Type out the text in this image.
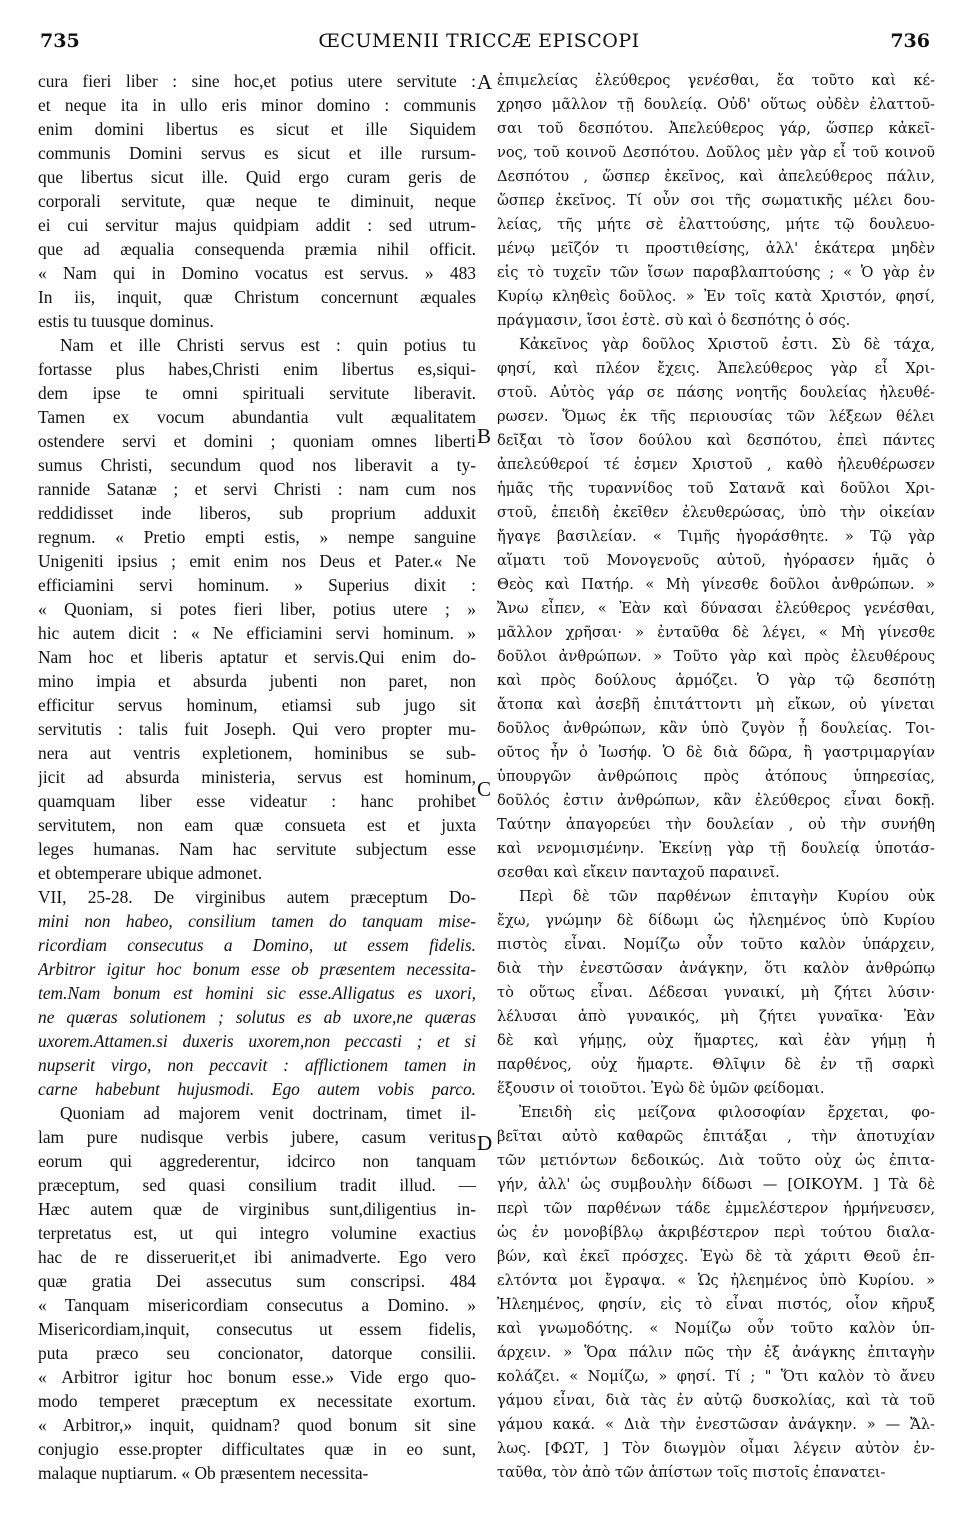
735	ŒCUMENII TRICCÆ EPISCOPI	736
cura fieri liber : sine hoc,et potius utere servitute :
et neque ita in ullo eris minor domino : communis
enim domini libertus es sicut et ille Siquidem
communis Domini servus es sicut et ille rursum-
que libertus sicut ille. Quid ergo curam geris de
corporali servitute, quæ neque te diminuit, neque
ei cui servitur majus quidpiam addit : sed utrum-
que ad æqualia consequenda præmia nihil officit.
« Nam qui in Domino vocatus est servus. » 483
In iis, inquit, quæ Christum concernunt æquales
estis tu tuusque dominus.
Nam et ille Christi servus est : quin potius tu
fortasse plus habes,Christi enim libertus es,siqui-
dem ipse te omni spirituali servitute liberavit.
Tamen ex vocum abundantia vult æqualitatem
ostendere servi et domini ; quoniam omnes liberti
sumus Christi, secundum quod nos liberavit a ty-
rannide Satanæ ; et servi Christi : nam cum nos
reddidisset inde liberos, sub proprium adduxit
regnum. « Pretio empti estis, » nempe sanguine
Unigeniti ipsius ; emit enim nos Deus et Pater.« Ne
efficiamini servi hominum. » Superius dixit :
« Quoniam, si potes fieri liber, potius utere ; »
hic autem dicit : « Ne efficiamini servi hominum. »
Nam hoc et liberis aptatur et servis.Qui enim do-
mino impia et absurda jubenti non paret, non
efficitur servus hominum, etiamsi sub jugo sit
servitutis : talis fuit Joseph. Qui vero propter mu-
nera aut ventris expletionem, hominibus se sub-
jicit ad absurda ministeria, servus est hominum,
quamquam liber esse videatur : hanc prohibet
servitutem, non eam quæ consueta est et juxta
leges humanas. Nam hac servitute subjectum esse
et obtemperare ubique admonet.
VII, 25-28. De virginibus autem præceptum Do-
mini non habeo, consilium tamen do tanquam mise-
ricordiam consecutus a Domino, ut essem fidelis.
Arbitror igitur hoc bonum esse ob præsentem necessita-
tem.Nam bonum est homini sic esse.Alligatus es uxori,
ne quæras solutionem ; solutus es ab uxore,ne quæras
uxorem.Attamen.si duxeris uxorem,non peccasti ; et si
nupserit virgo, non peccavit : afflictionem tamen in
carne habebunt hujusmodi. Ego autem vobis parco.
Quoniam ad majorem venit doctrinam, timet il-
lam pure nudisque verbis jubere, casum veritus
eorum qui aggrederentur, idcirco non tanquam
præceptum, sed quasi consilium tradit illud. —
Hæc autem quæ de virginibus sunt,diligentius in-
terpretatus est, ut qui integro volumine exactius
hac de re disseruerit,et ibi animadverte. Ego vero
quæ gratia Dei assecutus sum conscripsi. 484
« Tanquam misericordiam consecutus a Domino. »
Misericordiam,inquit, consecutus ut essem fidelis,
puta præco seu concionator, datorque consilii.
« Arbitror igitur hoc bonum esse.» Vide ergo quo-
modo temperet præceptum ex necessitate exortum.
« Arbitror,» inquit, quidnam? quod bonum sit sine
conjugio esse.propter difficultates quæ in eo sunt,
malaque nuptiarum. « Ob præsentem necessita-
ἐπιμελείας ἐλεύθερος γενέσθαι, ἔα τοῦτο καὶ κέ-
χρησο μᾶλλον τῇ δουλείᾳ. Οὐδ' οὕτως οὐδὲν ἐλαττοῦ-
σαι τοῦ δεσπότου. Ἀπελεύθερος γάρ, ὥσπερ κἀκεῖ-
νος, τοῦ κοινοῦ Δεσπότου. Δοῦλος μὲν γὰρ εἶ τοῦ κοινοῦ
Δεσπότου , ὥσπερ ἐκεῖνος, καὶ ἀπελεύθερος πάλιν,
ὥσπερ ἐκεῖνος. Τί οὖν σοι τῆς σωματικῆς μέλει δου-
λείας, τῆς μήτε σὲ ἐλαττούσης, μήτε τῷ δουλευο-
μένῳ μεῖζόν τι προστιθείσης, ἀλλ' ἑκάτερα μηδὲν
εἰς τὸ τυχεῖν τῶν ἴσων παραβλαπτούσης ; « Ὁ γὰρ ἐν
Κυρίῳ κληθεὶς δοῦλος. » Ἐν τοῖς κατὰ Χριστόν, φησί,
πράγμασιν, ἴσοι ἐστὲ. σὺ καὶ ὁ δεσπότης ὁ σός.
Κἀκεῖνος γὰρ δοῦλος Χριστοῦ ἐστι. Σὺ δὲ τάχα,
φησί, καὶ πλέον ἔχεις. Ἀπελεύθερος γὰρ εἶ Χρι-
στοῦ. Αὐτὸς γάρ σε πάσης νοητῆς δουλείας ἠλευθέ-
ρωσεν. Ὅμως ἐκ τῆς περιουσίας τῶν λέξεων θέλει
δεῖξαι τὸ ἴσον δούλου καὶ δεσπότου, ἐπεὶ πάντες
ἀπελεύθεροί τέ ἐσμεν Χριστοῦ , καθὸ ἠλευθέρωσεν
ἡμᾶς τῆς τυραννίδος τοῦ Σατανᾶ καὶ δοῦλοι Χρι-
στοῦ, ἐπειδὴ ἐκεῖθεν ἐλευθερώσας, ὑπὸ τὴν οἰκείαν
ἤγαγε βασιλείαν. « Τιμῆς ἠγοράσθητε. » Τῷ γὰρ
αἵματι τοῦ Μονογενοῦς αὐτοῦ, ἠγόρασεν ἡμᾶς ὁ
Θεὸς καὶ Πατήρ. « Μὴ γίνεσθε δοῦλοι ἀνθρώπων. »
Ἄνω εἶπεν, « Ἐὰν καὶ δύνασαι ἐλεύθερος γενέσθαι,
μᾶλλον χρῆσαι· » ἐνταῦθα δὲ λέγει, « Μὴ γίνεσθε
δοῦλοι ἀνθρώπων. » Τοῦτο γὰρ καὶ πρὸς ἐλευθέρους
καὶ πρὸς δούλους ἁρμόζει. Ὁ γὰρ τῷ δεσπότῃ
ἄτοπα καὶ ἀσεβῆ ἐπιτάττοντι μὴ εἴκων, οὐ γίνεται
δοῦλος ἀνθρώπων, κἂν ὑπὸ ζυγὸν ᾖ δουλείας. Τοι-
οῦτος ἦν ὁ Ἰωσήφ. Ὁ δὲ διὰ δῶρα, ἢ γαστριμαργίαν
ὑπουργῶν ἀνθρώποις πρὸς ἀτόπους ὑπηρεσίας,
δοῦλός ἐστιν ἀνθρώπων, κἂν ἐλεύθερος εἶναι δοκῇ.
Ταύτην ἀπαγορεύει τὴν δουλείαν , οὐ τὴν συνήθη
καὶ νενομισμένην. Ἐκείνῃ γὰρ τῇ δουλείᾳ ὑποτάσ-
σεσθαι καὶ εἴκειν πανταχοῦ παραινεῖ.
Περὶ δὲ τῶν παρθένων ἐπιταγὴν Κυρίου οὐκ
ἔχω, γνώμην δὲ δίδωμι ὡς ἠλεημένος ὑπὸ Κυρίου
πιστὸς εἶναι. Νομίζω οὖν τοῦτο καλὸν ὑπάρχειν,
διὰ τὴν ἐνεστῶσαν ἀνάγκην, ὅτι καλὸν ἀνθρώπῳ
τὸ οὕτως εἶναι. Δέδεσαι γυναικί, μὴ ζήτει λύσιν·
λέλυσαι ἀπὸ γυναικός, μὴ ζήτει γυναῖκα· Ἐὰν
δὲ καὶ γήμῃς, οὐχ ἥμαρτες, καὶ ἐὰν γήμῃ ἡ
παρθένος, οὐχ ἥμαρτε. Θλῖψιν δὲ ἐν τῇ σαρκὶ
ἕξουσιν οἱ τοιοῦτοι. Ἐγὼ δὲ ὑμῶν φείδομαι.
Ἐπειδὴ εἰς μείζονα φιλοσοφίαν ἔρχεται, φο-
βεῖται αὐτὸ καθαρῶς ἐπιτάξαι , τὴν ἀποτυχίαν
τῶν μετιόντων δεδοικώς. Διὰ τοῦτο οὐχ ὡς ἐπιτα-
γήν, ἀλλ' ὡς συμβουλὴν δίδωσι — [ΟΙΚΟΥΜ. ] Τὰ δὲ
περὶ τῶν παρθένων τάδε ἐμμελέστερον ἡρμήνευσεν,
ὡς ἐν μονοβίβλῳ ἀκριβέστερον περὶ τούτου διαλα-
βών, καὶ ἐκεῖ πρόσχες. Ἐγὼ δὲ τὰ χάριτι Θεοῦ ἐπ-
ελτόντα μοι ἔγραψα. « Ὡς ἠλεημένος ὑπὸ Κυρίου. »
Ἠλεημένος, φησίν, εἰς τὸ εἶναι πιστός, οἷον κῆρυξ
καὶ γνωμοδότης. « Νομίζω οὖν τοῦτο καλὸν ὑπ-
άρχειν. » Ὅρα πάλιν πῶς τὴν ἐξ ἀνάγκης ἐπιταγὴν
κολάζει. « Νομίζω, » φησί. Τί ; " Ὅτι καλὸν τὸ ἄνευ
γάμου εἶναι, διὰ τὰς ἐν αὐτῷ δυσκολίας, καὶ τὰ τοῦ
γάμου κακά. « Διὰ τὴν ἐνεστῶσαν ἀνάγκην. » — Ἄλ-
λως. [ΦΩΤ, ] Τὸν διωγμὸν οἶμαι λέγειν αὐτὸν ἐν-
ταῦθα, τὸν ἀπὸ τῶν ἀπίστων τοῖς πιστοῖς ἐπανατει-
A
B
C
D
